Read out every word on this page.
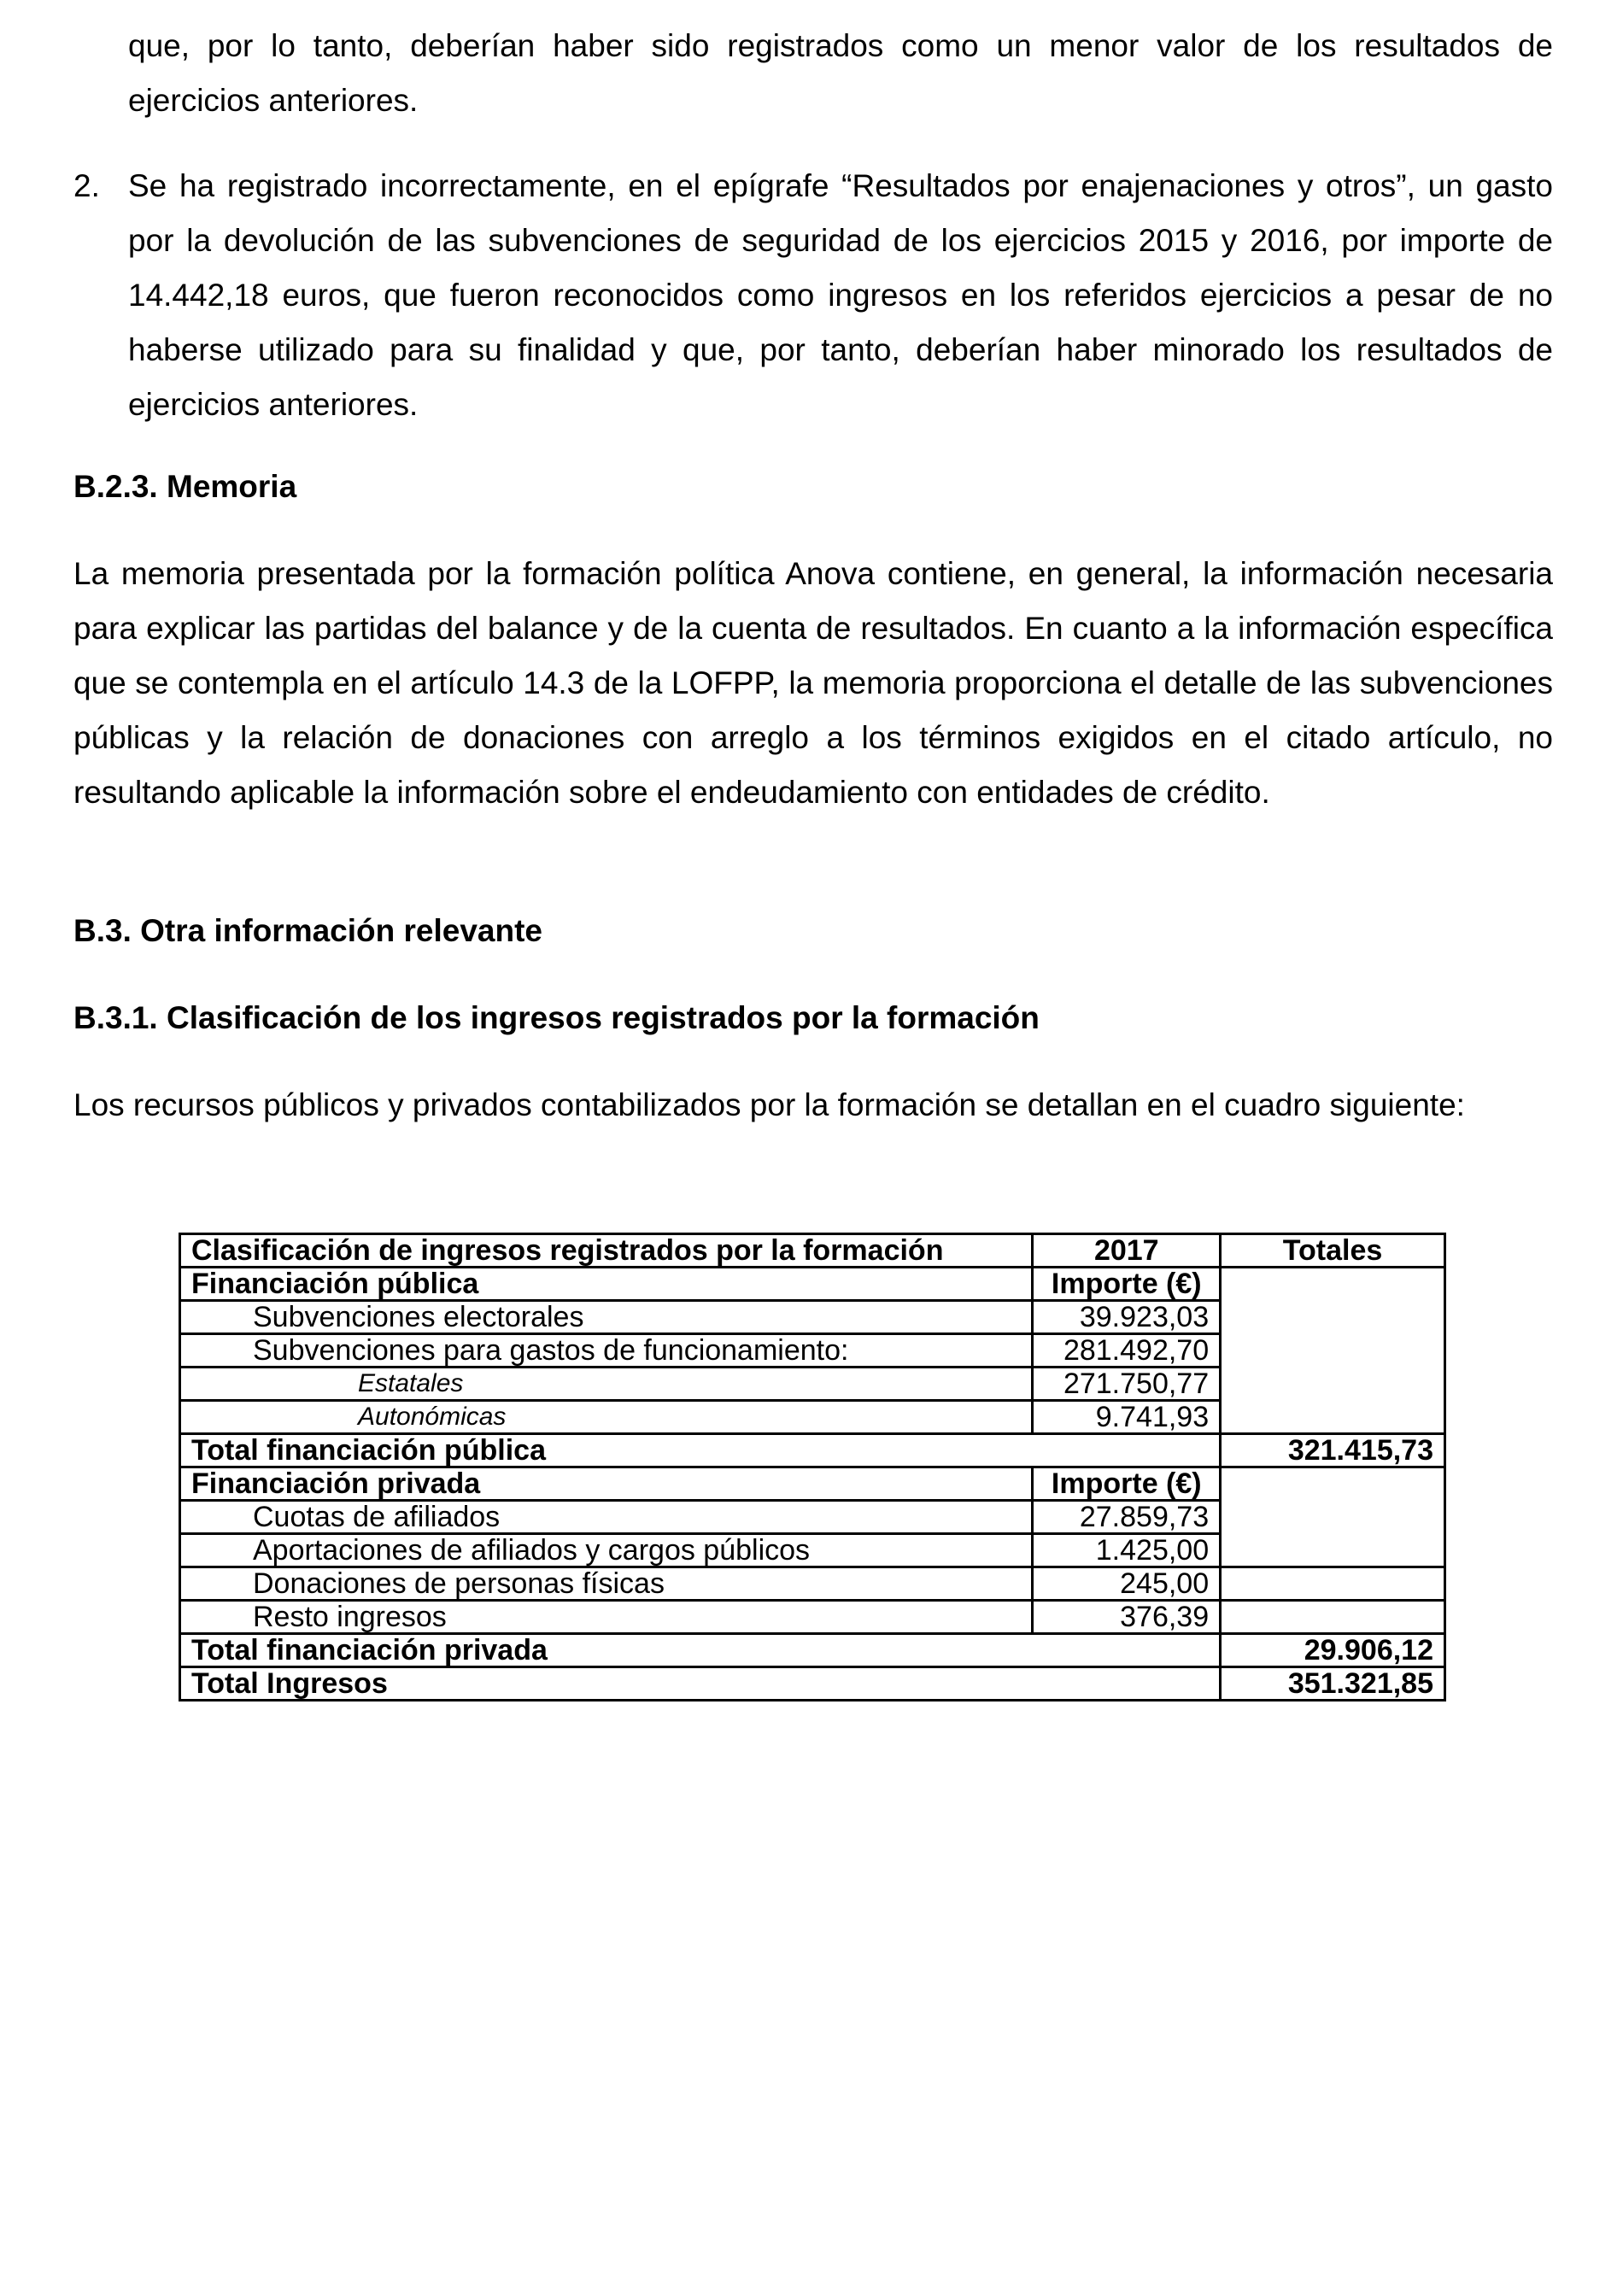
que, por lo tanto, deberían haber sido registrados como un menor valor de los resultados de ejercicios anteriores.

2. Se ha registrado incorrectamente, en el epígrafe “Resultados por enajenaciones y otros”, un gasto por la devolución de las subvenciones de seguridad de los ejercicios 2015 y 2016, por importe de 14.442,18 euros, que fueron reconocidos como ingresos en los referidos ejercicios a pesar de no haberse utilizado para su finalidad y que, por tanto, deberían haber minorado los resultados de ejercicios anteriores.

B.2.3. Memoria

La memoria presentada por la formación política Anova contiene, en general, la información necesaria para explicar las partidas del balance y de la cuenta de resultados. En cuanto a la información específica que se contempla en el artículo 14.3 de la LOFPP, la memoria proporciona el detalle de las subvenciones públicas y la relación de donaciones con arreglo a los términos exigidos en el citado artículo, no resultando aplicable la información sobre el endeudamiento con entidades de crédito.

B.3. Otra información relevante
B.3.1. Clasificación de los ingresos registrados por la formación

Los recursos públicos y privados contabilizados por la formación se detallan en el cuadro siguiente:

Clasificación de ingresos registrados por la formación	2017	Totales
Financiación pública	Importe (€)	
Subvenciones electorales	39.923,03	
Subvenciones para gastos de funcionamiento:	281.492,70	
Estatales	271.750,77	
Autonómicas	9.741,93	
Total financiación pública		321.415,73
Financiación privada	Importe (€)	
Cuotas de afiliados	27.859,73	
Aportaciones de afiliados y cargos públicos	1.425,00	
Donaciones de personas físicas	245,00	
Resto ingresos	376,39	
Total financiación privada		29.906,12
Total Ingresos		351.321,85
